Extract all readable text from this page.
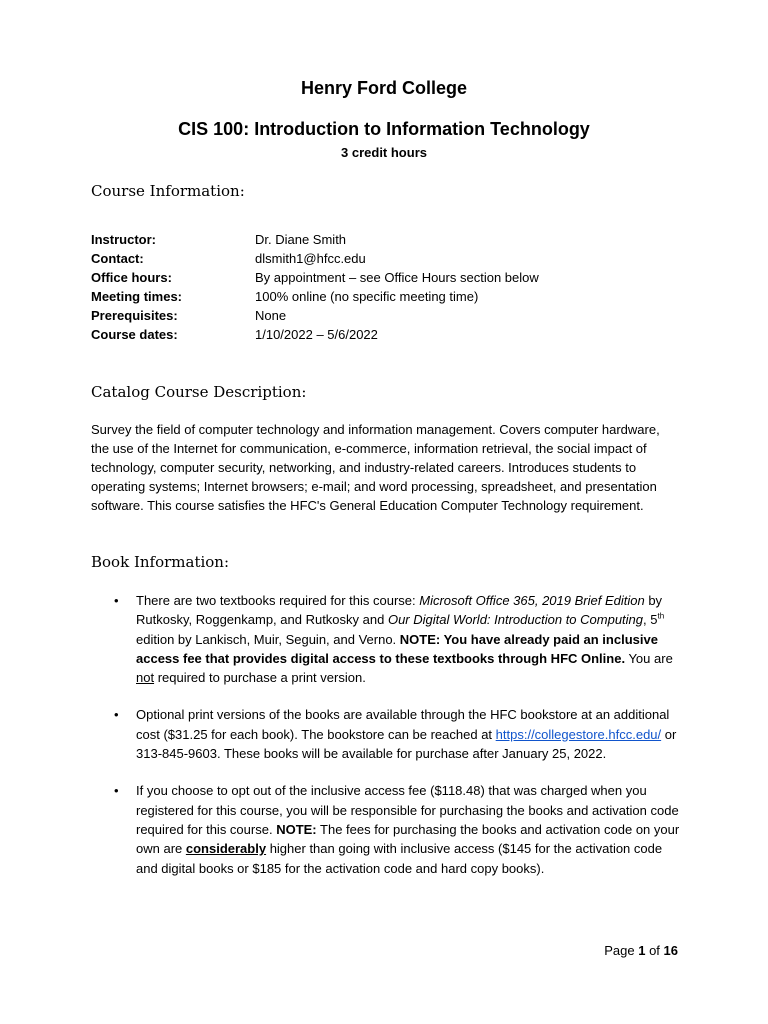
Henry Ford College
CIS 100: Introduction to Information Technology
3 credit hours
Course Information:
Instructor:	Dr. Diane Smith
Contact:	dlsmith1@hfcc.edu
Office hours:	By appointment – see Office Hours section below
Meeting times:	100% online (no specific meeting time)
Prerequisites:	None
Course dates:	1/10/2022 – 5/6/2022
Catalog Course Description:
Survey the field of computer technology and information management. Covers computer hardware, the use of the Internet for communication, e-commerce, information retrieval, the social impact of technology, computer security, networking, and industry-related careers. Introduces students to operating systems; Internet browsers; e-mail; and word processing, spreadsheet, and presentation software. This course satisfies the HFC's General Education Computer Technology requirement.
Book Information:
•	There are two textbooks required for this course: Microsoft Office 365, 2019 Brief Edition by Rutkosky, Roggenkamp, and Rutkosky and Our Digital World: Introduction to Computing, 5th edition by Lankisch, Muir, Seguin, and Verno. NOTE: You have already paid an inclusive access fee that provides digital access to these textbooks through HFC Online. You are not required to purchase a print version.
•	Optional print versions of the books are available through the HFC bookstore at an additional cost ($31.25 for each book). The bookstore can be reached at https://collegestore.hfcc.edu/ or 313-845-9603. These books will be available for purchase after January 25, 2022.
•	If you choose to opt out of the inclusive access fee ($118.48) that was charged when you registered for this course, you will be responsible for purchasing the books and activation code required for this course. NOTE: The fees for purchasing the books and activation code on your own are considerably higher than going with inclusive access ($145 for the activation code and digital books or $185 for the activation code and hard copy books).
Page 1 of 16
